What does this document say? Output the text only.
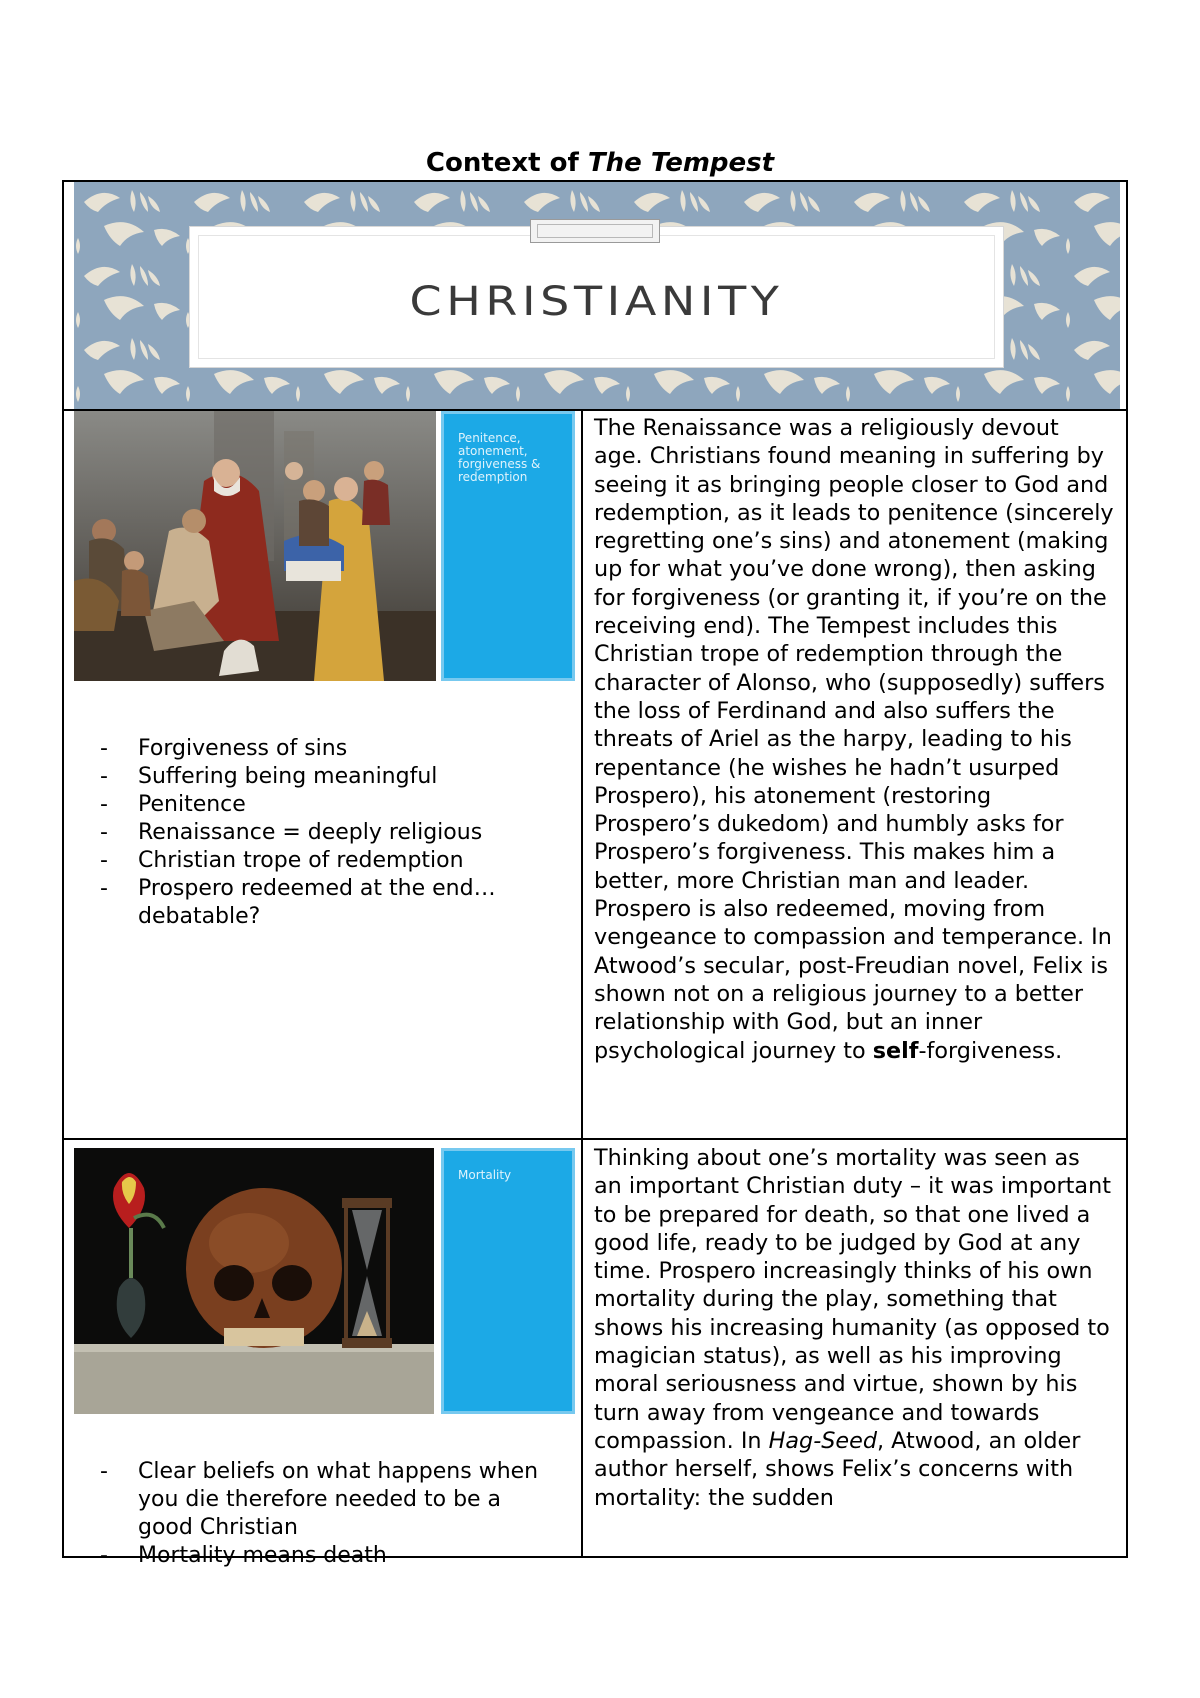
Context of The Tempest
CHRISTIANITY
Penitence, atonement, forgiveness & redemption
- Forgiveness of sins
- Suffering being meaningful
- Penitence
- Renaissance = deeply religious
- Christian trope of redemption
- Prospero redeemed at the end… debatable?

The Renaissance was a religiously devout age. Christians found meaning in suffering by seeing it as bringing people closer to God and redemption, as it leads to penitence (sincerely regretting one’s sins) and atonement (making up for what you’ve done wrong), then asking for forgiveness (or granting it, if you’re on the receiving end). The Tempest includes this Christian trope of redemption through the character of Alonso, who (supposedly) suffers the loss of Ferdinand and also suffers the threats of Ariel as the harpy, leading to his repentance (he wishes he hadn’t usurped Prospero), his atonement (restoring Prospero’s dukedom) and humbly asks for Prospero’s forgiveness. This makes him a better, more Christian man and leader. Prospero is also redeemed, moving from vengeance to compassion and temperance. In Atwood’s secular, post-Freudian novel, Felix is shown not on a religious journey to a better relationship with God, but an inner psychological journey to self-forgiveness.

Mortality
- Clear beliefs on what happens when you die therefore needed to be a good Christian
- Mortality means death

Thinking about one’s mortality was seen as an important Christian duty – it was important to be prepared for death, so that one lived a good life, ready to be judged by God at any time. Prospero increasingly thinks of his own mortality during the play, something that shows his increasing humanity (as opposed to magician status), as well as his improving moral seriousness and virtue, shown by his turn away from vengeance and towards compassion. In Hag-Seed, Atwood, an older author herself, shows Felix’s concerns with mortality: the sudden
